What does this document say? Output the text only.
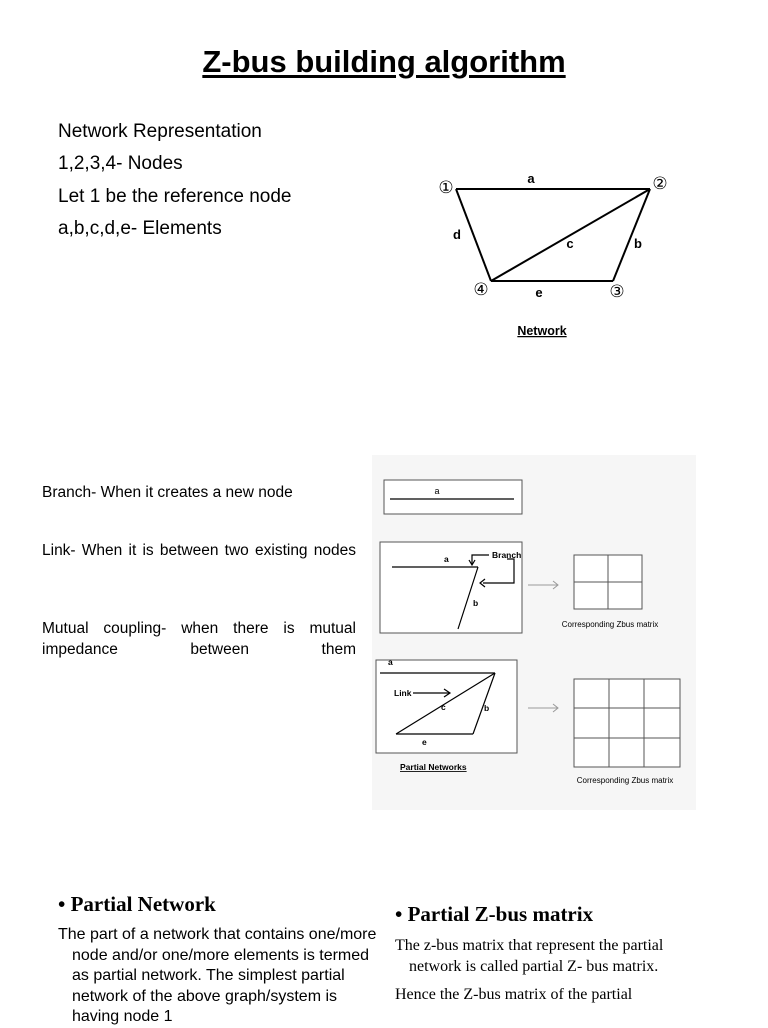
Z-bus building algorithm
Network Representation
1,2,3,4- Nodes
Let 1 be the reference node
a,b,c,d,e- Elements
①	②
③
④
a
b
c
d
e
Network
Branch- When it creates a new node
Link- When it is between two existing nodes
Mutual coupling- when there is mutual impedance between them
a
a
b
Branch
Corresponding Zbus matrix
a
b
c
e
Link
Partial Networks
Corresponding Zbus matrix
• Partial Network
The part of a network that contains one/more node and/or one/more elements is termed as partial network. The simplest partial network of the above graph/system is having node 1
• Partial Z-bus matrix
The z-bus matrix that represent the partial network is called partial Z- bus matrix.
Hence the Z-bus matrix of the partial
